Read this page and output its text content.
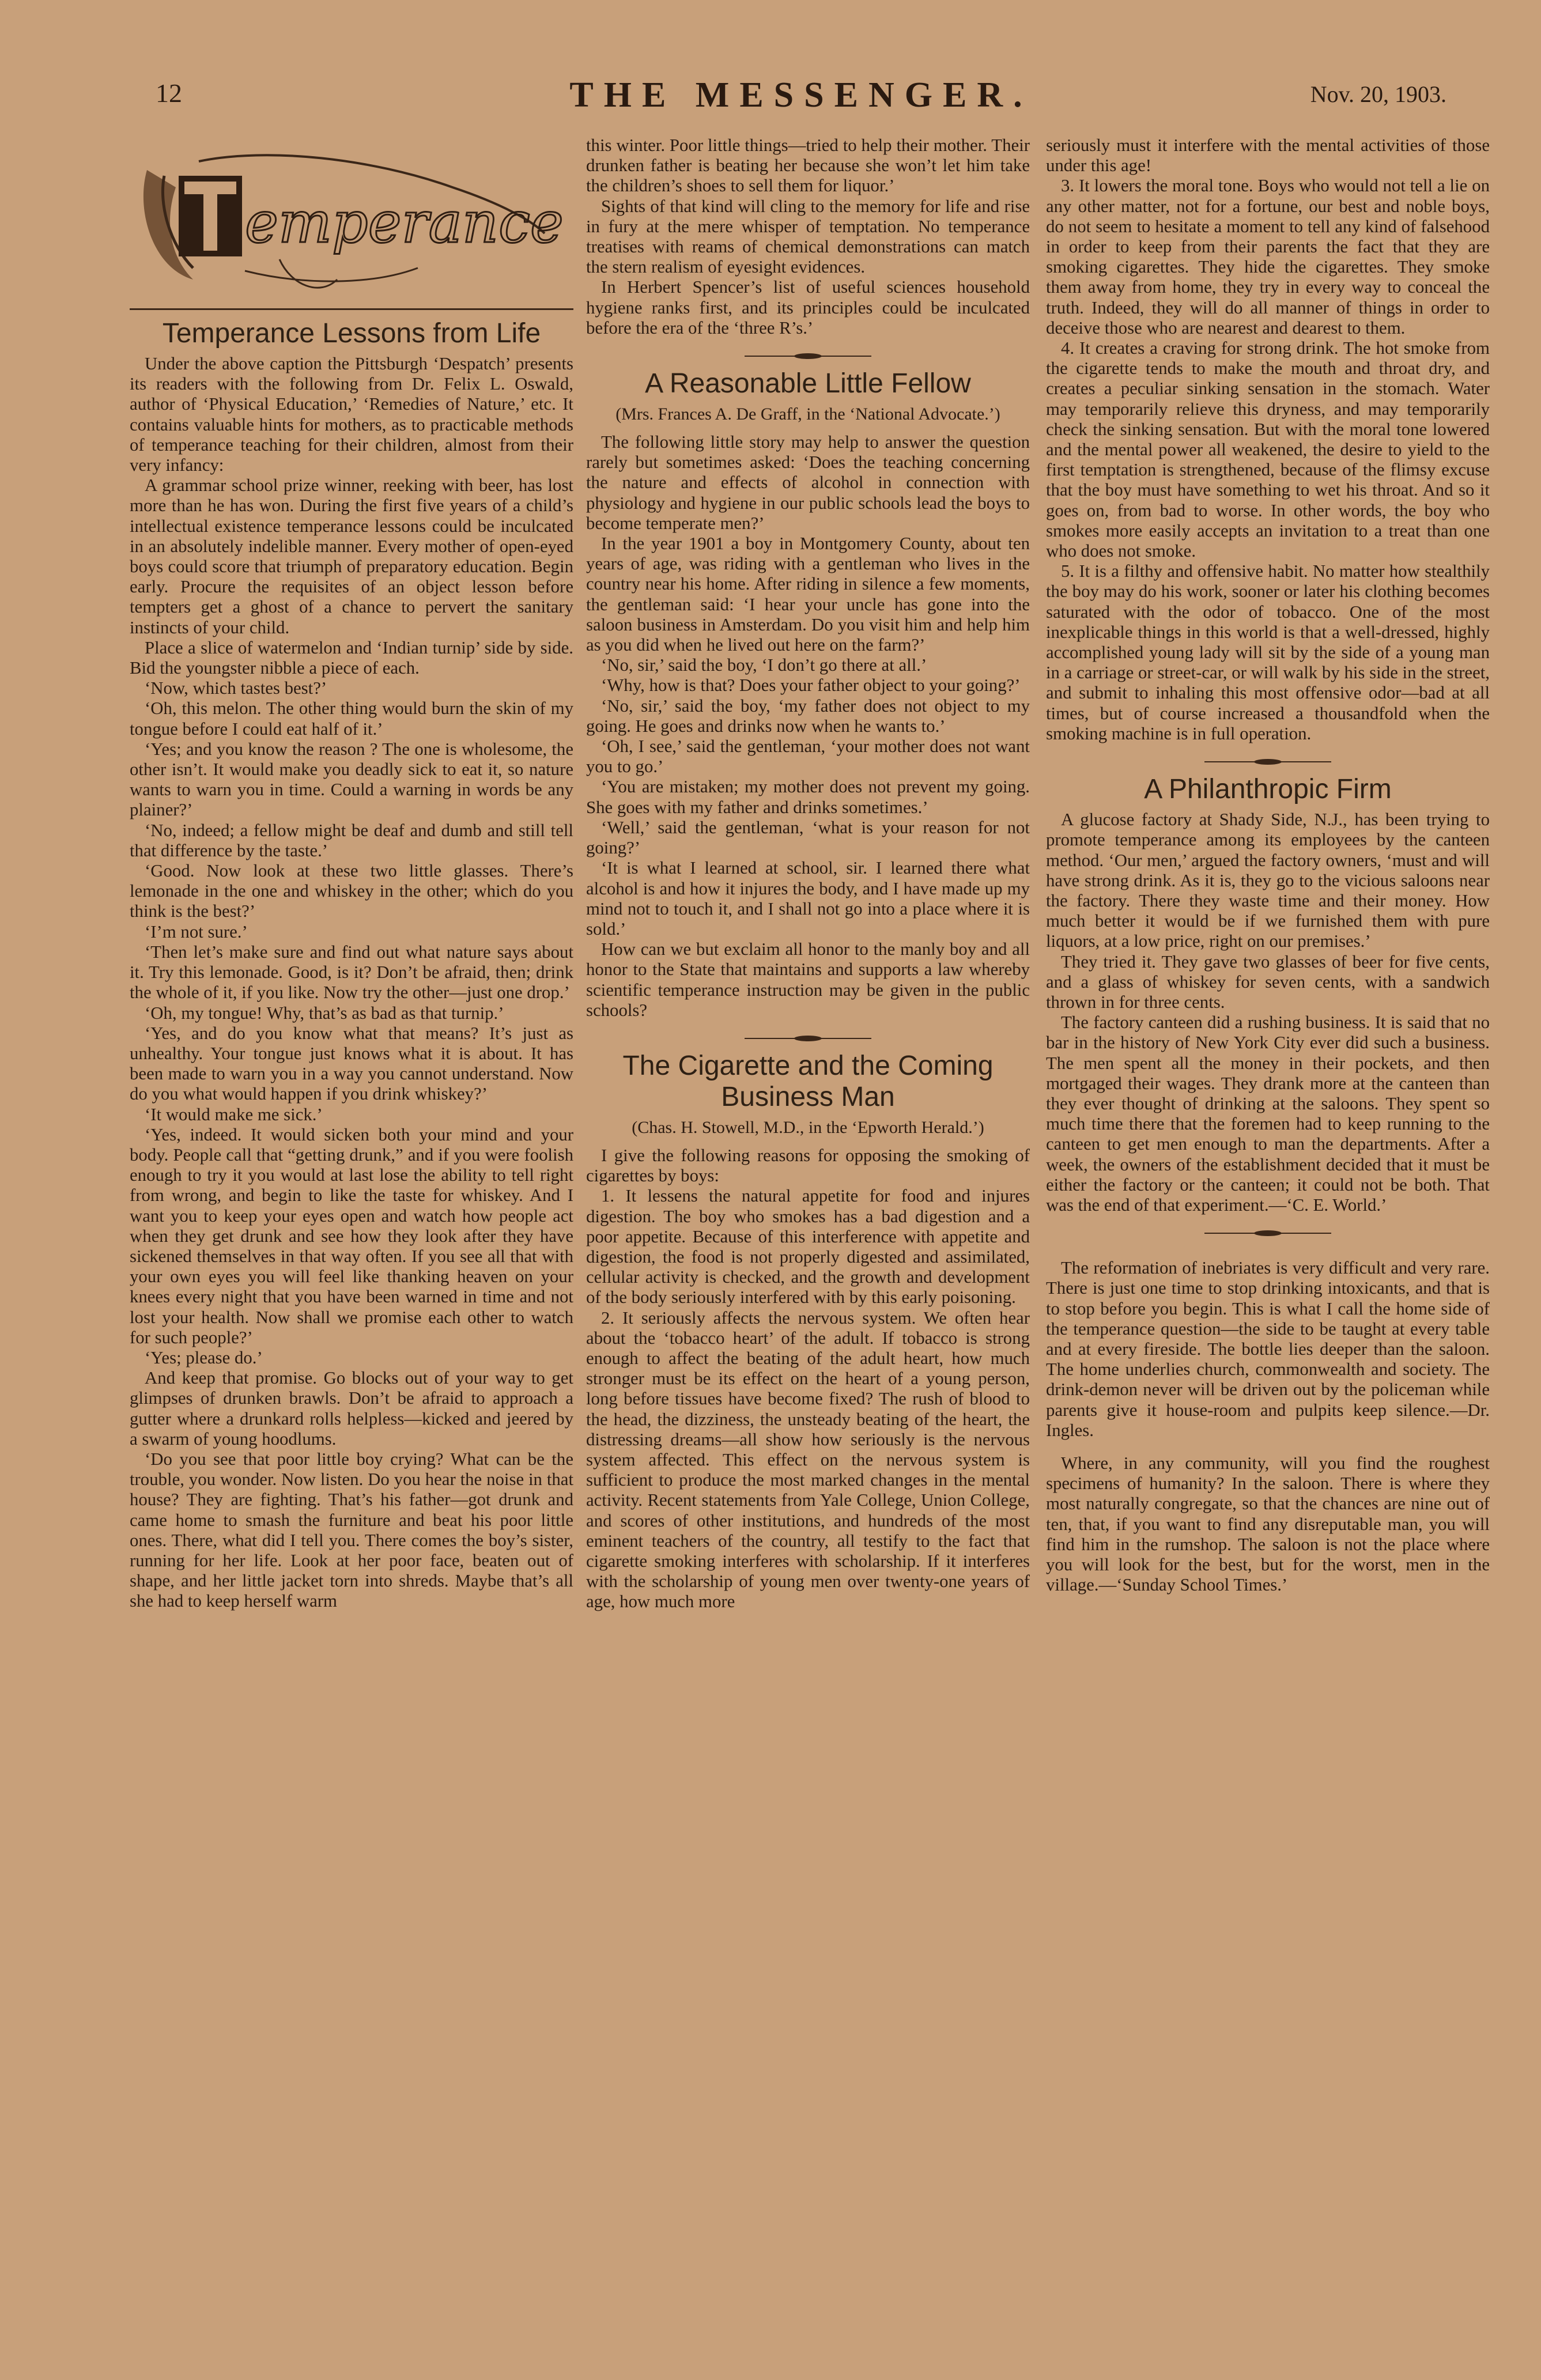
12	THE MESSENGER.	Nov. 20, 1903.
emperance
Temperance Lessons from Life

Under the above caption the Pittsburgh ‘Despatch’ presents its readers with the following from Dr. Felix L. Oswald, author of ‘Physical Education,’ ‘Remedies of Nature,’ etc. It contains valuable hints for mothers, as to practicable methods of temperance teaching for their children, almost from their very infancy:

A grammar school prize winner, reeking with beer, has lost more than he has won. During the first five years of a child’s intellectual existence temperance lessons could be inculcated in an absolutely indelible manner. Every mother of open-eyed boys could score that triumph of preparatory education. Begin early. Procure the requisites of an object lesson before tempters get a ghost of a chance to pervert the sanitary instincts of your child.

Place a slice of watermelon and ‘Indian turnip’ side by side. Bid the youngster nibble a piece of each.

‘Now, which tastes best?’

‘Oh, this melon. The other thing would burn the skin of my tongue before I could eat half of it.’

‘Yes; and you know the reason ? The one is wholesome, the other isn’t. It would make you deadly sick to eat it, so nature wants to warn you in time. Could a warning in words be any plainer?’

‘No, indeed; a fellow might be deaf and dumb and still tell that difference by the taste.’

‘Good. Now look at these two little glasses. There’s lemonade in the one and whiskey in the other; which do you think is the best?’

‘I’m not sure.’

‘Then let’s make sure and find out what nature says about it. Try this lemonade. Good, is it? Don’t be afraid, then; drink the whole of it, if you like. Now try the other—just one drop.’

‘Oh, my tongue! Why, that’s as bad as that turnip.’

‘Yes, and do you know what that means? It’s just as unhealthy. Your tongue just knows what it is about. It has been made to warn you in a way you cannot understand. Now do you what would happen if you drink whiskey?’

‘It would make me sick.’

‘Yes, indeed. It would sicken both your mind and your body. People call that “getting drunk,” and if you were foolish enough to try it you would at last lose the ability to tell right from wrong, and begin to like the taste for whiskey. And I want you to keep your eyes open and watch how people act when they get drunk and see how they look after they have sickened themselves in that way often. If you see all that with your own eyes you will feel like thanking heaven on your knees every night that you have been warned in time and not lost your health. Now shall we promise each other to watch for such people?’

‘Yes; please do.’

And keep that promise. Go blocks out of your way to get glimpses of drunken brawls. Don’t be afraid to approach a gutter where a drunkard rolls helpless—kicked and jeered by a swarm of young hoodlums.

‘Do you see that poor little boy crying? What can be the trouble, you wonder. Now listen. Do you hear the noise in that house? They are fighting. That’s his father—got drunk and came home to smash the furniture and beat his poor little ones. There, what did I tell you. There comes the boy’s sister, running for her life. Look at her poor face, beaten out of shape, and her little jacket torn into shreds. Maybe that’s all she had to keep herself warm

this winter. Poor little things—tried to help their mother. Their drunken father is beating her because she won’t let him take the children’s shoes to sell them for liquor.’

Sights of that kind will cling to the memory for life and rise in fury at the mere whisper of temptation. No temperance treatises with reams of chemical demonstrations can match the stern realism of eyesight evidences.

In Herbert Spencer’s list of useful sciences household hygiene ranks first, and its principles could be inculcated before the era of the ‘three R’s.’

A Reasonable Little Fellow
(Mrs. Frances A. De Graff, in the ‘National Advocate.’)

The following little story may help to answer the question rarely but sometimes asked: ‘Does the teaching concerning the nature and effects of alcohol in connection with physiology and hygiene in our public schools lead the boys to become temperate men?’

In the year 1901 a boy in Montgomery County, about ten years of age, was riding with a gentleman who lives in the country near his home. After riding in silence a few moments, the gentleman said: ‘I hear your uncle has gone into the saloon business in Amsterdam. Do you visit him and help him as you did when he lived out here on the farm?’

‘No, sir,’ said the boy, ‘I don’t go there at all.’

‘Why, how is that? Does your father object to your going?’

‘No, sir,’ said the boy, ‘my father does not object to my going. He goes and drinks now when he wants to.’

‘Oh, I see,’ said the gentleman, ‘your mother does not want you to go.’

‘You are mistaken; my mother does not prevent my going. She goes with my father and drinks sometimes.’

‘Well,’ said the gentleman, ‘what is your reason for not going?’

‘It is what I learned at school, sir. I learned there what alcohol is and how it injures the body, and I have made up my mind not to touch it, and I shall not go into a place where it is sold.’

How can we but exclaim all honor to the manly boy and all honor to the State that maintains and supports a law whereby scientific temperance instruction may be given in the public schools?

The Cigarette and the Coming Business Man
(Chas. H. Stowell, M.D., in the ‘Epworth Herald.’)

I give the following reasons for opposing the smoking of cigarettes by boys:

1. It lessens the natural appetite for food and injures digestion. The boy who smokes has a bad digestion and a poor appetite. Because of this interference with appetite and digestion, the food is not properly digested and assimilated, cellular activity is checked, and the growth and development of the body seriously interfered with by this early poisoning.

2. It seriously affects the nervous system. We often hear about the ‘tobacco heart’ of the adult. If tobacco is strong enough to affect the beating of the adult heart, how much stronger must be its effect on the heart of a young person, long before tissues have become fixed? The rush of blood to the head, the dizziness, the unsteady beating of the heart, the distressing dreams—all show how seriously is the nervous system affected. This effect on the nervous system is sufficient to produce the most marked changes in the mental activity. Recent statements from Yale College, Union College, and scores of other institutions, and hundreds of the most eminent teachers of the country, all testify to the fact that cigarette smoking interferes with scholarship. If it interferes with the scholarship of young men over twenty-one years of age, how much more

seriously must it interfere with the mental activities of those under this age!

3. It lowers the moral tone. Boys who would not tell a lie on any other matter, not for a fortune, our best and noble boys, do not seem to hesitate a moment to tell any kind of falsehood in order to keep from their parents the fact that they are smoking cigarettes. They hide the cigarettes. They smoke them away from home, they try in every way to conceal the truth. Indeed, they will do all manner of things in order to deceive those who are nearest and dearest to them.

4. It creates a craving for strong drink. The hot smoke from the cigarette tends to make the mouth and throat dry, and creates a peculiar sinking sensation in the stomach. Water may temporarily relieve this dryness, and may temporarily check the sinking sensation. But with the moral tone lowered and the mental power all weakened, the desire to yield to the first temptation is strengthened, because of the flimsy excuse that the boy must have something to wet his throat. And so it goes on, from bad to worse. In other words, the boy who smokes more easily accepts an invitation to a treat than one who does not smoke.

5. It is a filthy and offensive habit. No matter how stealthily the boy may do his work, sooner or later his clothing becomes saturated with the odor of tobacco. One of the most inexplicable things in this world is that a well-dressed, highly accomplished young lady will sit by the side of a young man in a carriage or street-car, or will walk by his side in the street, and submit to inhaling this most offensive odor—bad at all times, but of course increased a thousandfold when the smoking machine is in full operation.

A Philanthropic Firm

A glucose factory at Shady Side, N.J., has been trying to promote temperance among its employees by the canteen method. ‘Our men,’ argued the factory owners, ‘must and will have strong drink. As it is, they go to the vicious saloons near the factory. There they waste time and their money. How much better it would be if we furnished them with pure liquors, at a low price, right on our premises.’

They tried it. They gave two glasses of beer for five cents, and a glass of whiskey for seven cents, with a sandwich thrown in for three cents.

The factory canteen did a rushing business. It is said that no bar in the history of New York City ever did such a business. The men spent all the money in their pockets, and then mortgaged their wages. They drank more at the canteen than they ever thought of drinking at the saloons. They spent so much time there that the foremen had to keep running to the canteen to get men enough to man the departments. After a week, the owners of the establishment decided that it must be either the factory or the canteen; it could not be both. That was the end of that experiment.—‘C. E. World.’

The reformation of inebriates is very difficult and very rare. There is just one time to stop drinking intoxicants, and that is to stop before you begin. This is what I call the home side of the temperance question—the side to be taught at every table and at every fireside. The bottle lies deeper than the saloon. The home underlies church, commonwealth and society. The drink-demon never will be driven out by the policeman while parents give it house-room and pulpits keep silence.—Dr. Ingles.

Where, in any community, will you find the roughest specimens of humanity? In the saloon. There is where they most naturally congregate, so that the chances are nine out of ten, that, if you want to find any disreputable man, you will find him in the rumshop. The saloon is not the place where you will look for the best, but for the worst, men in the village.—‘Sunday School Times.’
